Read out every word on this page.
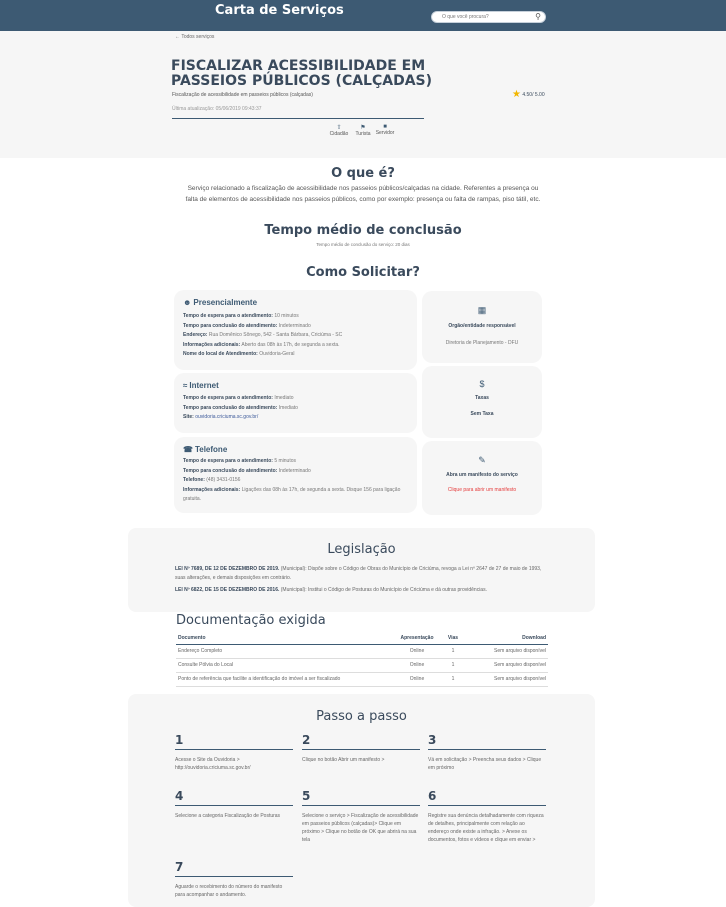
Carta de Serviços	O que você procura?	⚲
← Todos serviços
FISCALIZAR ACESSIBILIDADE EM PASSEIOS PÚBLICOS (CALÇADAS)
Fiscalização de acessibilidade em passeios públicos (calçadas)
Última atualização: 05/06/2019 09:43:37
★ 4.50/ 5.00
⇧
Cidadão
⚑
Turista
■
Servidor
O que é?
Serviço relacionado a fiscalização de acessibilidade nos passeios públicos/calçadas na cidade. Referentes a presença ou falta de elementos de acessibilidade nos passeios públicos, como por exemplo: presença ou falta de rampas, piso tátil, etc.
Tempo médio de conclusão
Tempo médio de conclusão do serviço: 20 dias
Como Solicitar?
☻ Presencialmente
Tempo de espera para o atendimento: 10 minutos
Tempo para conclusão do atendimento: Indeterminado
Endereço: Rua Domênico Sônego, 542 - Santa Bárbara, Criciúma - SC
Informações adicionais: Aberto das 08h às 17h, de segunda a sexta.
Nome do local de Atendimento: Ouvidoria-Geral
≈ Internet
Tempo de espera para o atendimento: Imediato
Tempo para conclusão do atendimento: Imediato
Site: ouvidoria.criciuma.sc.gov.br/
☎ Telefone
Tempo de espera para o atendimento: 5 minutos
Tempo para conclusão do atendimento: Indeterminado
Telefone: (48) 3431-0156
Informações adicionais: Ligações das 08h às 17h, de segunda a sexta. Disque 156 para ligação gratuita.
▦
Orgão/entidade responsável
Diretoria de Planejamento - DFU
$
Taxas
Sem Taxa
✎
Abra um manifesto do serviço
Clique para abrir um manifesto
Legislação
LEI Nº 7689, DE 12 DE DEZEMBRO DE 2019. (Municipal): Dispõe sobre o Código de Obras do Município de Criciúma, revoga a Lei nº 2647 de 27 de maio de 1993, suas alterações, e demais disposições em contrário.
LEI Nº 6822, DE 15 DE DEZEMBRO DE 2016. (Municipal): Institui o Código de Posturas do Município de Criciúma e dá outras providências.
Documentação exigida
Documento	Apresentação	Vias	Download
Endereço Completo	Online	1	Sem arquivo disponível
Consulte Pólvia do Local	Online	1	Sem arquivo disponível
Ponto de referência que facilite a identificação do imóvel a ser fiscalizado	Online	1	Sem arquivo disponível
Passo a passo
1
Acesse o Site da Ouvidoria > http://ouvidoria.criciuma.sc.gov.br/
2
Clique no botão Abrir um manifesto >
3
Vá em solicitação > Preencha seus dados > Clique em próximo
4
Selecione a categoria Fiscalização de Posturas
5
Selecione o serviço > Fiscalização de acessibilidade em passeios públicos (calçadas)> Clique em próximo > Clique no botão de OK que abrirá na sua tela
6
Registre sua denúncia detalhadamente com riqueza de detalhes, principalmente com relação ao endereço onde existe a infração. > Anexe os documentos, fotos e vídeos e clique em enviar >
7
Aguarde o recebimento do número do manifesto para acompanhar o andamento.
